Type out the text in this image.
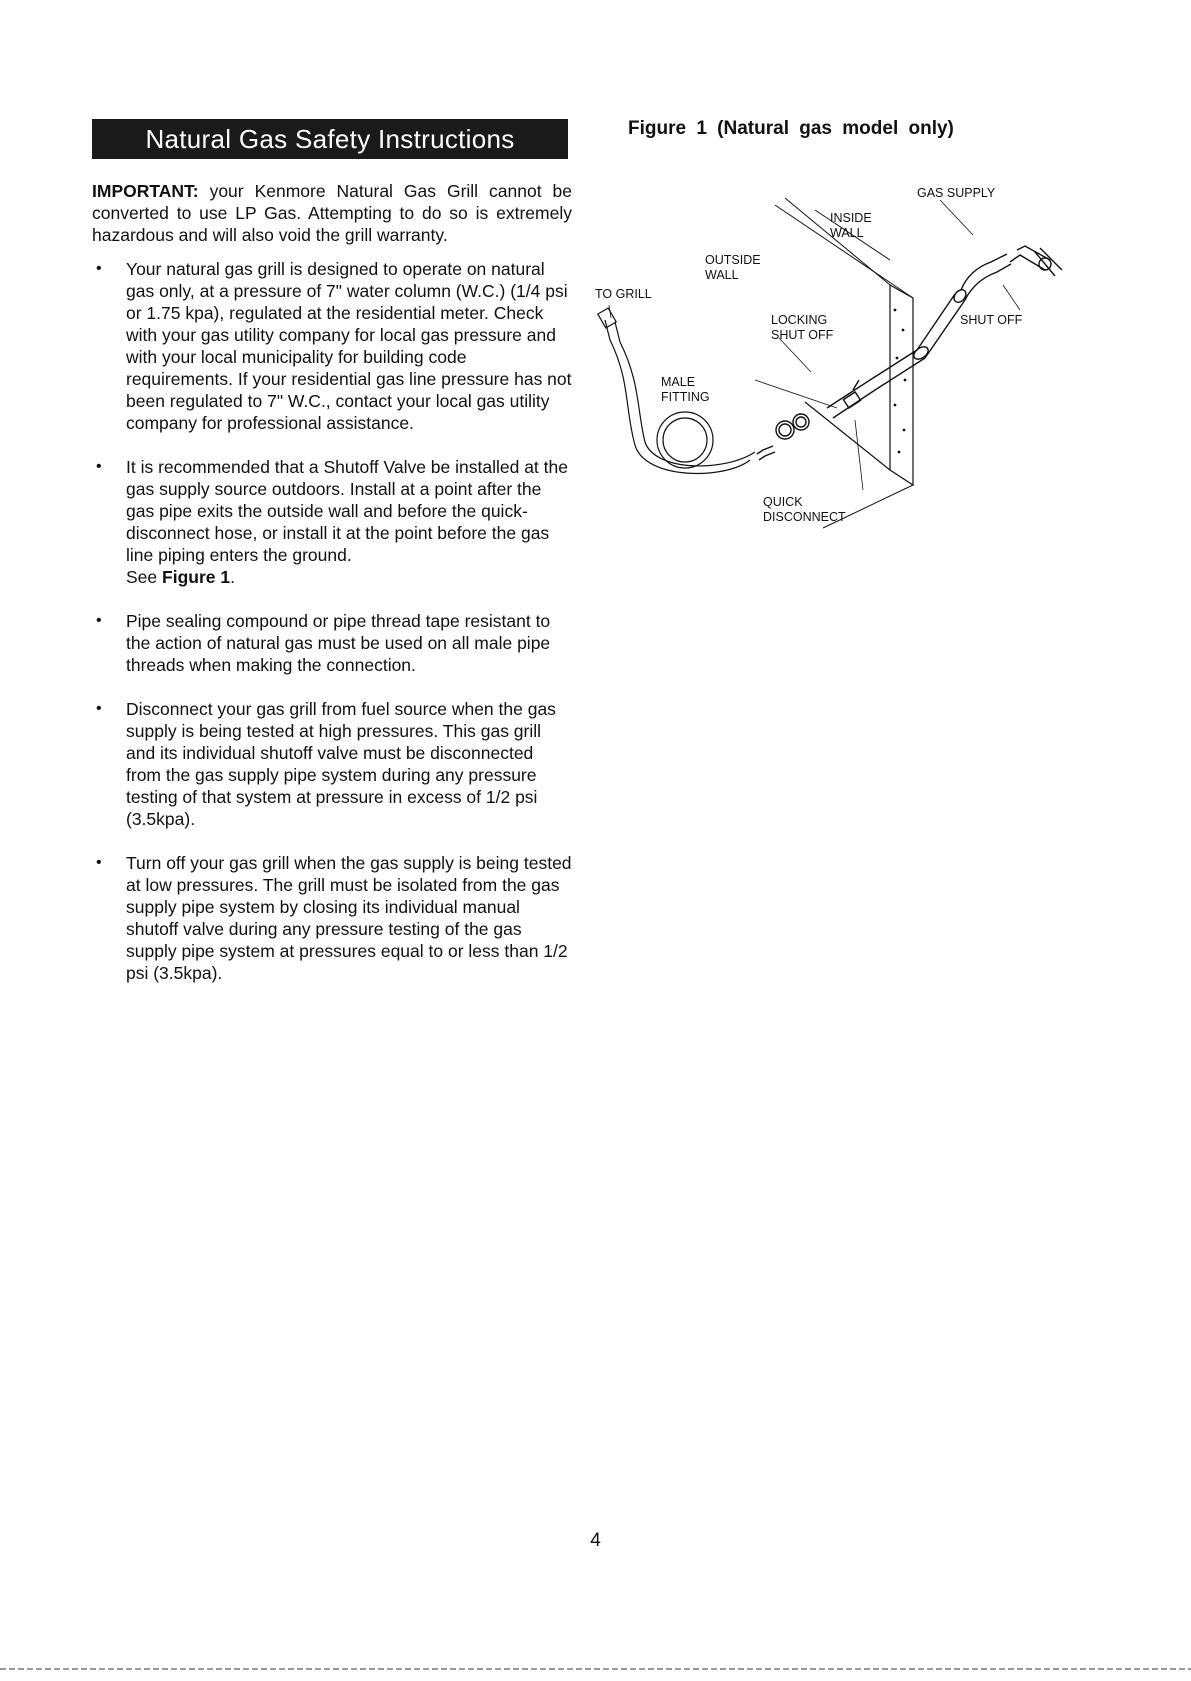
Natural Gas Safety Instructions	Figure 1 (Natural gas model only)

IMPORTANT: your Kenmore Natural Gas Grill cannot be converted to use LP Gas. Attempting to do so is extremely hazardous and will also void the grill warranty.

• Your natural gas grill is designed to operate on natural gas only, at a pressure of 7" water column (W.C.) (1/4 psi or 1.75 kpa), regulated at the residential meter. Check with your gas utility company for local gas pressure and with your local municipality for building code requirements. If your residential gas line pressure has not been regulated to 7" W.C., contact your local gas utility company for professional assistance.
• It is recommended that a Shutoff Valve be installed at the gas supply source outdoors. Install at a point after the gas pipe exits the outside wall and before the quick-disconnect hose, or install it at the point before the gas line piping enters the ground.
See Figure 1.
• Pipe sealing compound or pipe thread tape resistant to the action of natural gas must be used on all male pipe threads when making the connection.
• Disconnect your gas grill from fuel source when the gas supply is being tested at high pressures. This gas grill and its individual shutoff valve must be disconnected from the gas supply pipe system during any pressure testing of that system at pressure in excess of 1/2 psi (3.5kpa).
• Turn off your gas grill when the gas supply is being tested at low pressures. The grill must be isolated from the gas supply pipe system by closing its individual manual shutoff valve during any pressure testing of the gas supply pipe system at pressures equal to or less than 1/2 psi (3.5kpa).
GAS SUPPLY
INSIDE
WALL
OUTSIDE
WALL
TO GRILL
LOCKING
SHUT OFF
SHUT OFF
MALE
FITTING
QUICK
DISCONNECT
4
